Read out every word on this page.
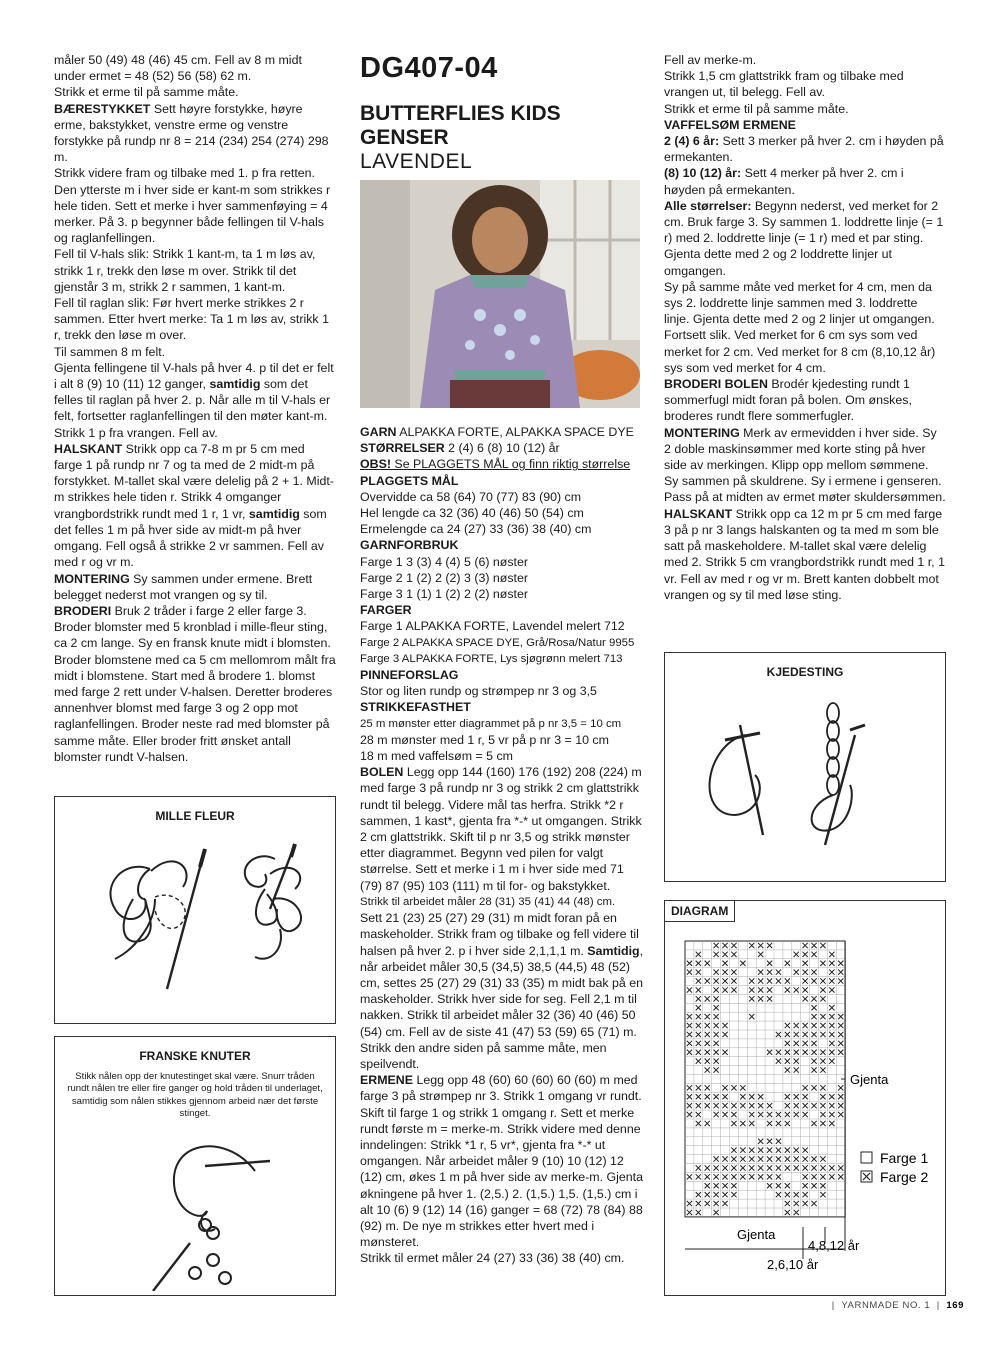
måler 50 (49) 48 (46) 45 cm. Fell av 8 m midt under ermet = 48 (52) 56 (58) 62 m.

Strikk et erme til på samme måte.

BÆRESTYKKET Sett høyre forstykke, høyre erme, bakstykket, venstre erme og venstre forstykke på rundp nr 8 = 214 (234) 254 (274) 298 m.

Strikk videre fram og tilbake med 1. p fra retten. Den ytterste m i hver side er kant-m som strikkes r hele tiden. Sett et merke i hver sammenføying = 4 merker. På 3. p begynner både fellingen til V-hals og raglanfellingen.

Fell til V-hals slik: Strikk 1 kant-m, ta 1 m løs av, strikk 1 r, trekk den løse m over. Strikk til det gjenstår 3 m, strikk 2 r sammen, 1 kant-m.

Fell til raglan slik: Før hvert merke strikkes 2 r sammen. Etter hvert merke: Ta 1 m løs av, strikk 1 r, trekk den løse m over.

Til sammen 8 m felt.

Gjenta fellingene til V-hals på hver 4. p til det er felt i alt 8 (9) 10 (11) 12 ganger, samtidig som det felles til raglan på hver 2. p. Når alle m til V-hals er felt, fortsetter raglanfellingen til den møter kant-m. Strikk 1 p fra vrangen. Fell av.

HALSKANT Strikk opp ca 7-8 m pr 5 cm med farge 1 på rundp nr 7 og ta med de 2 midt-m på forstykket. M-tallet skal være delelig på 2 + 1. Midt-m strikkes hele tiden r. Strikk 4 omganger vrangbordstrikk rundt med 1 r, 1 vr, samtidig som det felles 1 m på hver side av midt-m på hver omgang. Fell også å strikke 2 vr sammen. Fell av med r og vr m.

MONTERING Sy sammen under ermene. Brett belegget nederst mot vrangen og sy til.

BRODERI Bruk 2 tråder i farge 2 eller farge 3. Broder blomster med 5 kronblad i mille-fleur sting, ca 2 cm lange. Sy en fransk knute midt i blomsten. Broder blomstene med ca 5 cm mellomrom målt fra midt i blomstene. Start med å brodere 1. blomst med farge 2 rett under V-halsen. Deretter broderes annenhver blomst med farge 3 og 2 opp mot raglanfellingen. Broder neste rad med blomster på samme måte. Eller broder fritt ønsket antall blomster rundt V-halsen.

MILLE FLEUR
FRANSKE KNUTER
Stikk nålen opp der knutestinget skal være. Snurr tråden rundt nålen tre eller fire ganger og hold tråden til underlaget, samtidig som nålen stikkes gjennom arbeid nær det første stinget.
DG407-04
BUTTERFLIES KIDS GENSER
LAVENDEL

GARN ALPAKKA FORTE, ALPAKKA SPACE DYE

STØRRELSER 2 (4) 6 (8) 10 (12) år

OBS! Se PLAGGETS MÅL og finn riktig størrelse

PLAGGETS MÅL

Overvidde ca 58 (64) 70 (77) 83 (90) cm

Hel lengde ca 32 (36) 40 (46) 50 (54) cm

Ermelengde ca 24 (27) 33 (36) 38 (40) cm

GARNFORBRUK

Farge 1 3 (3) 4 (4) 5 (6) nøster

Farge 2 1 (2) 2 (2) 3 (3) nøster

Farge 3 1 (1) 1 (2) 2 (2) nøster

FARGER

Farge 1 ALPAKKA FORTE, Lavendel melert 712

Farge 2 ALPAKKA SPACE DYE, Grå/Rosa/Natur 9955

Farge 3 ALPAKKA FORTE, Lys sjøgrønn melert 713

PINNEFORSLAG

Stor og liten rundp og strømpep nr 3 og 3,5

STRIKKEFASTHET

25 m mønster etter diagrammet på p nr 3,5 = 10 cm

28 m mønster med 1 r, 5 vr på p nr 3 = 10 cm

18 m med vaffelsøm = 5 cm

BOLEN Legg opp 144 (160) 176 (192) 208 (224) m med farge 3 på rundp nr 3 og strikk 2 cm glattstrikk rundt til belegg. Videre mål tas herfra. Strikk *2 r sammen, 1 kast*, gjenta fra *-* ut omgangen. Strikk 2 cm glattstrikk. Skift til p nr 3,5 og strikk mønster etter diagrammet. Begynn ved pilen for valgt størrelse. Sett et merke i 1 m i hver side med 71 (79) 87 (95) 103 (111) m til for- og bakstykket.

Strikk til arbeidet måler 28 (31) 35 (41) 44 (48) cm.

Sett 21 (23) 25 (27) 29 (31) m midt foran på en maskeholder. Strikk fram og tilbake og fell videre til halsen på hver 2. p i hver side 2,1,1,1 m. Samtidig, når arbeidet måler 30,5 (34,5) 38,5 (44,5) 48 (52) cm, settes 25 (27) 29 (31) 33 (35) m midt bak på en maskeholder. Strikk hver side for seg. Fell 2,1 m til nakken. Strikk til arbeidet måler 32 (36) 40 (46) 50 (54) cm. Fell av de siste 41 (47) 53 (59) 65 (71) m. Strikk den andre siden på samme måte, men speilvendt.

ERMENE Legg opp 48 (60) 60 (60) 60 (60) m med farge 3 på strømpep nr 3. Strikk 1 omgang vr rundt. Skift til farge 1 og strikk 1 omgang r. Sett et merke rundt første m = merke-m. Strikk videre med denne inndelingen: Strikk *1 r, 5 vr*, gjenta fra *-* ut omgangen. Når arbeidet måler 9 (10) 10 (12) 12 (12) cm, økes 1 m på hver side av merke-m. Gjenta økningene på hver 1. (2,5.) 2. (1,5.) 1,5. (1,5.) cm i alt 10 (6) 9 (12) 14 (16) ganger = 68 (72) 78 (84) 88 (92) m. De nye m strikkes etter hvert med i mønsteret.

Strikk til ermet måler 24 (27) 33 (36) 38 (40) cm.

Fell av merke-m.

Strikk 1,5 cm glattstrikk fram og tilbake med vrangen ut, til belegg. Fell av.

Strikk et erme til på samme måte.

VAFFELSØM ERMENE

2 (4) 6 år: Sett 3 merker på hver 2. cm i høyden på ermekanten.

(8) 10 (12) år: Sett 4 merker på hver 2. cm i høyden på ermekanten.

Alle størrelser: Begynn nederst, ved merket for 2 cm. Bruk farge 3. Sy sammen 1. loddrette linje (= 1 r) med 2. loddrette linje (= 1 r) med et par sting. Gjenta dette med 2 og 2 loddrette linjer ut omgangen.

Sy på samme måte ved merket for 4 cm, men da sys 2. loddrette linje sammen med 3. loddrette linje. Gjenta dette med 2 og 2 linjer ut omgangen.

Fortsett slik. Ved merket for 6 cm sys som ved merket for 2 cm. Ved merket for 8 cm (8,10,12 år) sys som ved merket for 4 cm.

BRODERI BOLEN Brodér kjedesting rundt 1 sommerfugl midt foran på bolen. Om ønskes, broderes rundt flere sommerfugler.

MONTERING Merk av ermevidden i hver side. Sy 2 doble maskinsømmer med korte sting på hver side av merkingen. Klipp opp mellom sømmene.

Sy sammen på skuldrene. Sy i ermene i genseren. Pass på at midten av ermet møter skuldersømmen.

HALSKANT Strikk opp ca 12 m pr 5 cm med farge 3 på p nr 3 langs halskanten og ta med m som ble satt på maskeholdere. M-tallet skal være delelig med 2. Strikk 5 cm vrangbordstrikk rundt med 1 r, 1 vr. Fell av med r og vr m. Brett kanten dobbelt mot vrangen og sy til med løse sting.

KJEDESTING
DIAGRAM
Gjenta
Gjenta
4,8,12 år
2,6,10 år
Farge 1
Farge 2
|  YARNMADE NO. 1  |  169
